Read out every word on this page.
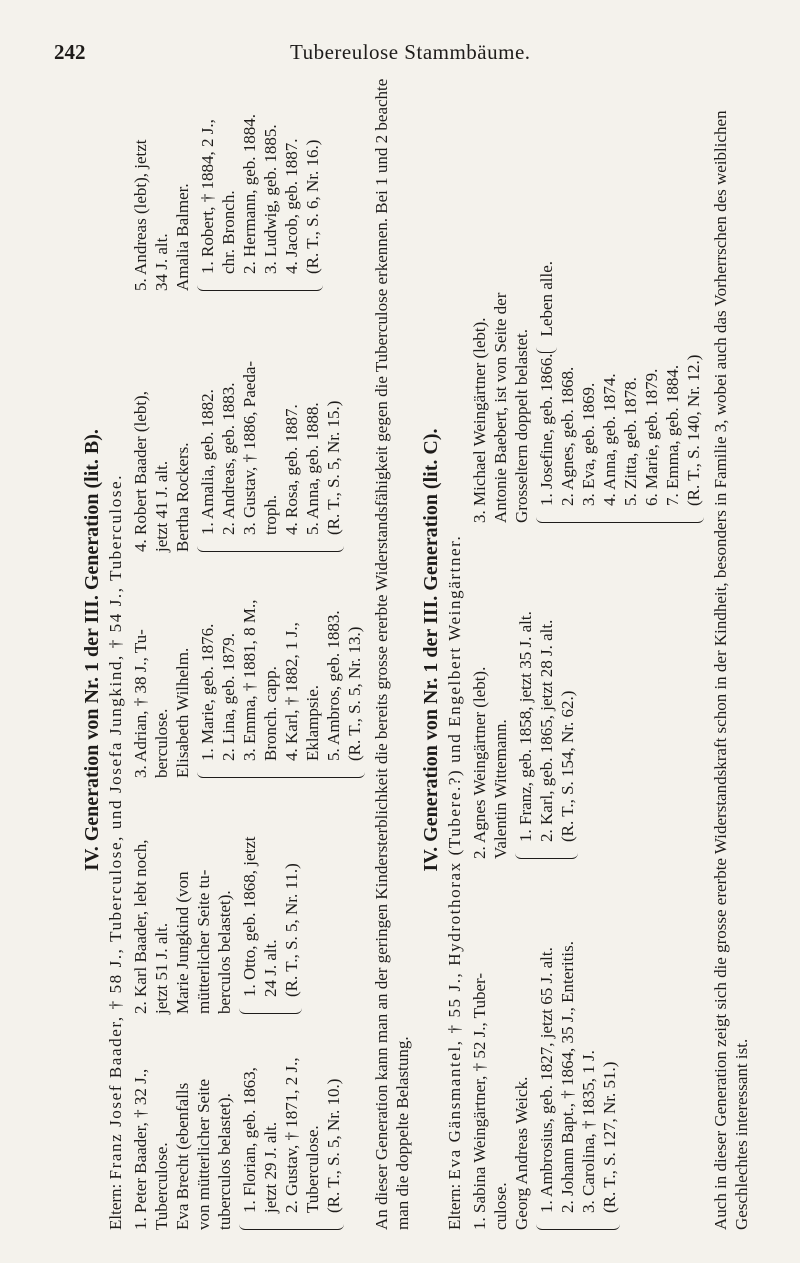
242	Tubereulose Stammbäume.
IV. Generation von Nr. 1 der III. Generation (lit. B).
Eltern: Franz Josef Baader, † 58 J., Tuberculose, und Josefa Jungkind, † 54 J., Tuberculose. 1. Peter Baader, † 32 J., Tuberculose. Eva Brecht (ebenfalls von mütterlicher Seite tuberculos belastet). 1. Florian, geb. 1863, jetzt 29 J. alt. 2. Gustav, † 1871, 2 J., Tuberculose. (R. T., S. 5, Nr. 10.)
2. Karl Baader, lebt noch, jetzt 51 J. alt. Marie Jungkind (von mütterlicher Seite tu- berculos belastet). 1. Otto, geb. 1868, jetzt 24 J. alt. (R. T., S. 5, Nr. 11.)
3. Adrian, † 38 J., Tu- berculose. Elisabeth Wilhelm. 1. Marie, geb. 1876. 2. Lina, geb. 1879. 3. Emma, † 1881, 8 M., Bronch. capp. 4. Karl, † 1882, 1 J., Eklampsie. 5. Ambros, geb. 1883. (R. T., S. 5, Nr. 13.)
4. Robert Baader (lebt), jetzt 41 J. alt. Bertha Rockers. 1. Amalia, geb. 1882. 2. Andreas, geb. 1883. 3. Gustav, † 1886, Paeda- troph. 4. Rosa, geb. 1887. 5. Anna, geb. 1888. (R. T., S. 5, Nr. 15.)
5. Andreas (lebt), jetzt 34 J. alt. Amalia Balmer. 1. Robert, † 1884, 2 J., chr. Bronch. 2. Hermann, geb. 1884. 3. Ludwig, geb. 1885. 4. Jacob, geb. 1887. (R. T., S. 6, Nr. 16.)	An dieser Generation kann man an der geringen Kindersterblichkeit die bereits grosse ererbte Widerstandsfähigkeit gegen die Tuberculose erkennen. Bei 1 und 2 beachte man die doppelte Belastung.
IV. Generation von Nr. 1 der III. Generation (lit. C).
Eltern: Eva Gänsmantel, † 55 J., Hydrothorax (Tubere.?) und Engelbert Weingärtner. 1. Sabina Weingärtner, † 52 J., Tuber- culose. Georg Andreas Weick. 1. Ambrosius, geb. 1827, jetzt 65 J. alt. 2. Johann Bapt., † 1864, 35 J., Enteritis. 3. Carolina, † 1835, 1 J. (R. T., S. 127, Nr. 51.)
2. Agnes Weingärtner (lebt). Valentin Wittemann. 1. Franz, geb. 1858, jetzt 35 J. alt. 2. Karl, geb. 1865, jetzt 28 J. alt. (R. T., S. 154, Nr. 62.)
3. Michael Weingärtner (lebt). Antonie Baebert, ist von Seite der Grosseltern doppelt belastet. 1. Josefine, geb. 1866. 2. Agnes, geb. 1868. 3. Eva, geb. 1869. 4. Anna, geb. 1874. 5. Zitta, geb. 1878. 6. Marie, geb. 1879. 7. Emma, geb. 1884. (R. T., S. 140, Nr. 12.)
Leben alle.	Auch in dieser Generation zeigt sich die grosse ererbte Widerstandskraft schon in der Kindheit, besonders in Familie 3, wobei auch das Vorherrschen des weiblichen Geschlechtes interessant ist.
